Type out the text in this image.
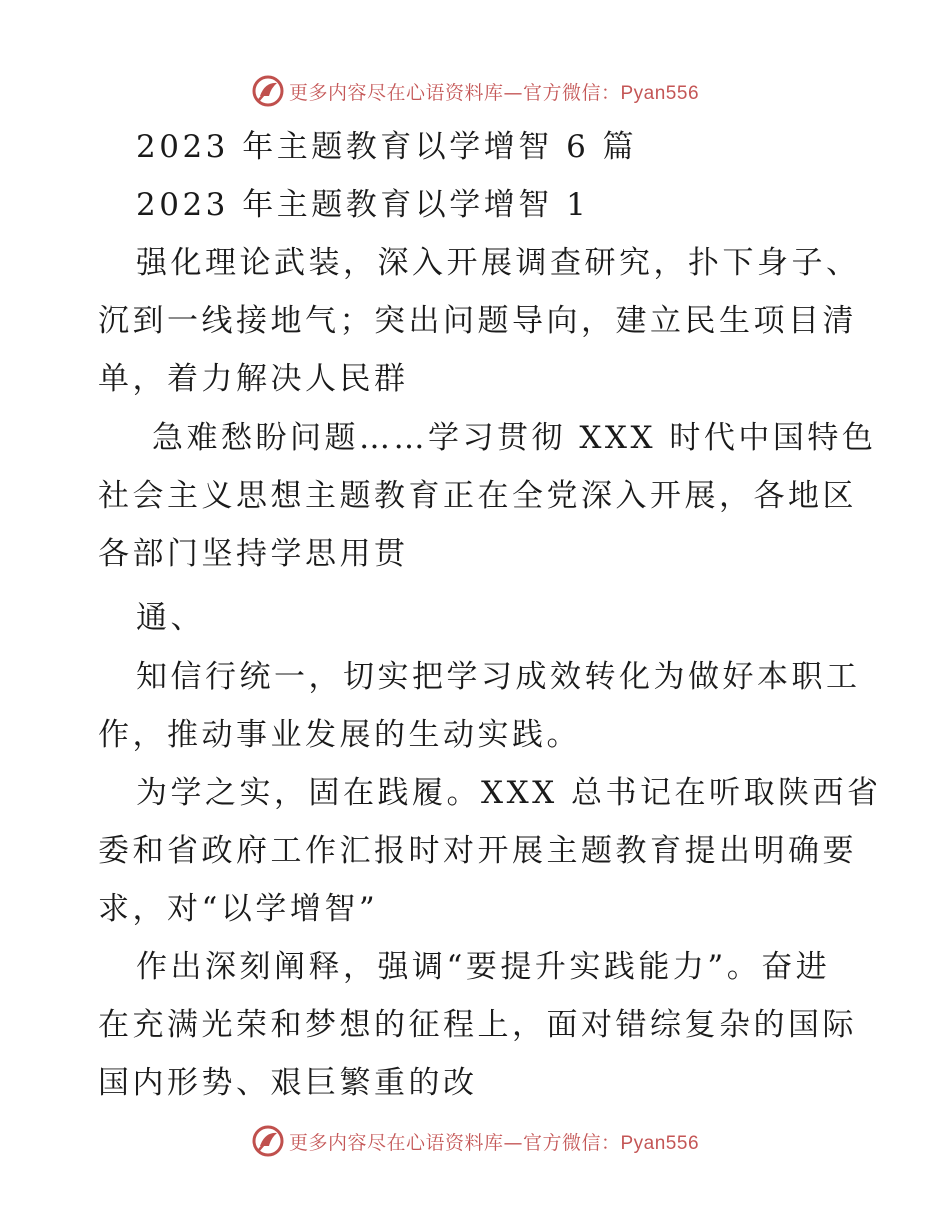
更多内容尽在心语资料库—官方微信：Pyan556
2023 年主题教育以学增智 6 篇
2023 年主题教育以学增智 1
强化理论武装，深入开展调查研究，扑下身子、
沉到一线接地气；突出问题导向，建立民生项目清
单，着力解决人民群
急难愁盼问题……学习贯彻 XXX 时代中国特色
社会主义思想主题教育正在全党深入开展，各地区
各部门坚持学思用贯
通、
知信行统一，切实把学习成效转化为做好本职工
作，推动事业发展的生动实践。
为学之实，固在践履。XXX 总书记在听取陕西省
委和省政府工作汇报时对开展主题教育提出明确要
求，对“以学增智”
作出深刻阐释，强调“要提升实践能力”。奋进
在充满光荣和梦想的征程上，面对错综复杂的国际
国内形势、艰巨繁重的改
更多内容尽在心语资料库—官方微信：Pyan556
